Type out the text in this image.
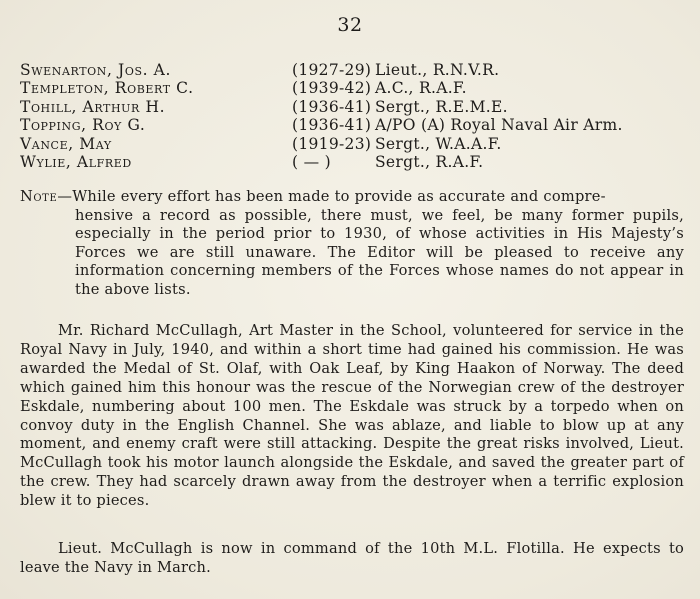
32
Swenarton, Jos. A.	(1927-29) Lieut., R.N.V.R.
Templeton, Robert C.	(1939-42) A.C., R.A.F.
Tohill, Arthur H.	(1936-41) Sergt., R.E.M.E.
Topping, Roy G.	(1936-41) A/PO (A) Royal Naval Air Arm.
Vance, May	(1919-23) Sergt., W.A.A.F.
Wylie, Alfred	( — )	Sergt., R.A.F.
Note—While every effort has been made to provide as accurate and compre-
hensive a record as possible, there must, we feel, be many former pupils, especially in the period prior to 1930, of whose activities in His Majesty’s Forces we are still unaware. The Editor will be pleased to receive any information concerning members of the Forces whose names do not appear in the above lists.
Mr. Richard McCullagh, Art Master in the School, volunteered for service in the Royal Navy in July, 1940, and within a short time had gained his commission. He was awarded the Medal of St. Olaf, with Oak Leaf, by King Haakon of Norway. The deed which gained him this honour was the rescue of the Norwegian crew of the destroyer Eskdale, numbering about 100 men. The Eskdale was struck by a torpedo when on convoy duty in the English Channel. She was ablaze, and liable to blow up at any moment, and enemy craft were still attacking. Despite the great risks involved, Lieut. McCullagh took his motor launch alongside the Eskdale, and saved the greater part of the crew. They had scarcely drawn away from the destroyer when a terrific explosion blew it to pieces.
Lieut. McCullagh is now in command of the 10th M.L. Flotilla. He expects to leave the Navy in March.
